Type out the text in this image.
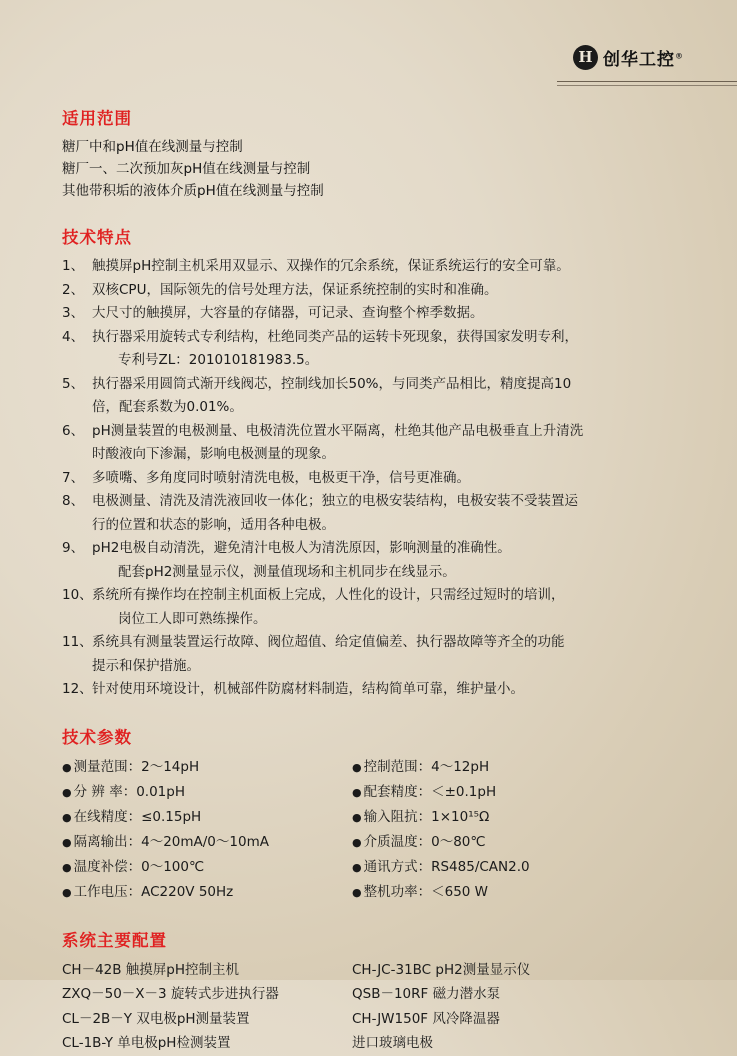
H 创华工控®
适用范围

糖厂中和pH值在线测量与控制

糖厂一、二次预加灰pH值在线测量与控制

其他带积垢的液体介质pH值在线测量与控制

技术特点
1、 触摸屏pH控制主机采用双显示、双操作的冗余系统，保证系统运行的安全可靠。
2、 双核CPU，国际领先的信号处理方法，保证系统控制的实时和准确。
3、 大尺寸的触摸屏，大容量的存储器，可记录、查询整个榨季数据。
4、 执行器采用旋转式专利结构，杜绝同类产品的运转卡死现象，获得国家发明专利，
专利号ZL：201010181983.5。
5、 执行器采用圆筒式渐开线阀芯，控制线加长50%，与同类产品相比，精度提高10
倍，配套系数为0.01%。
6、 pH测量装置的电极测量、电极清洗位置水平隔离，杜绝其他产品电极垂直上升清洗
时酸液向下渗漏，影响电极测量的现象。
7、 多喷嘴、多角度同时喷射清洗电极，电极更干净，信号更准确。
8、 电极测量、清洗及清洗液回收一体化；独立的电极安装结构，电极安装不受装置运
行的位置和状态的影响，适用各种电极。
9、 pH2电极自动清洗，避免清汁电极人为清洗原因，影响测量的准确性。
配套pH2测量显示仪，测量值现场和主机同步在线显示。
10、 系统所有操作均在控制主机面板上完成，人性化的设计，只需经过短时的培训，
岗位工人即可熟练操作。
11、 系统具有测量装置运行故障、阀位超值、给定值偏差、执行器故障等齐全的功能
提示和保护措施。
12、 针对使用环境设计，机械部件防腐材料制造，结构简单可靠，维护量小。
技术参数
● 测量范围：2～14pH
● 分 辨 率：0.01pH
● 在线精度：≤0.15pH
● 隔离输出：4～20mA/0～10mA
● 温度补偿：0～100℃
● 工作电压：AC220V 50Hz
● 控制范围：4～12pH
● 配套精度：＜±0.1pH
● 输入阻抗：1×10¹⁵Ω
● 介质温度：0～80℃
● 通讯方式：RS485/CAN2.0
● 整机功率：＜650 W
系统主要配置
CH－42B 触摸屏pH控制主机
ZXQ－50－X－3 旋转式步进执行器
CL－2B－Y 双电极pH测量装置
CL-1B-Y 单电极pH检测装置
CH-JC-31BC pH2测量显示仪
QSB－10RF 磁力潜水泵
CH-JW150F 风冷降温器
进口玻璃电极
